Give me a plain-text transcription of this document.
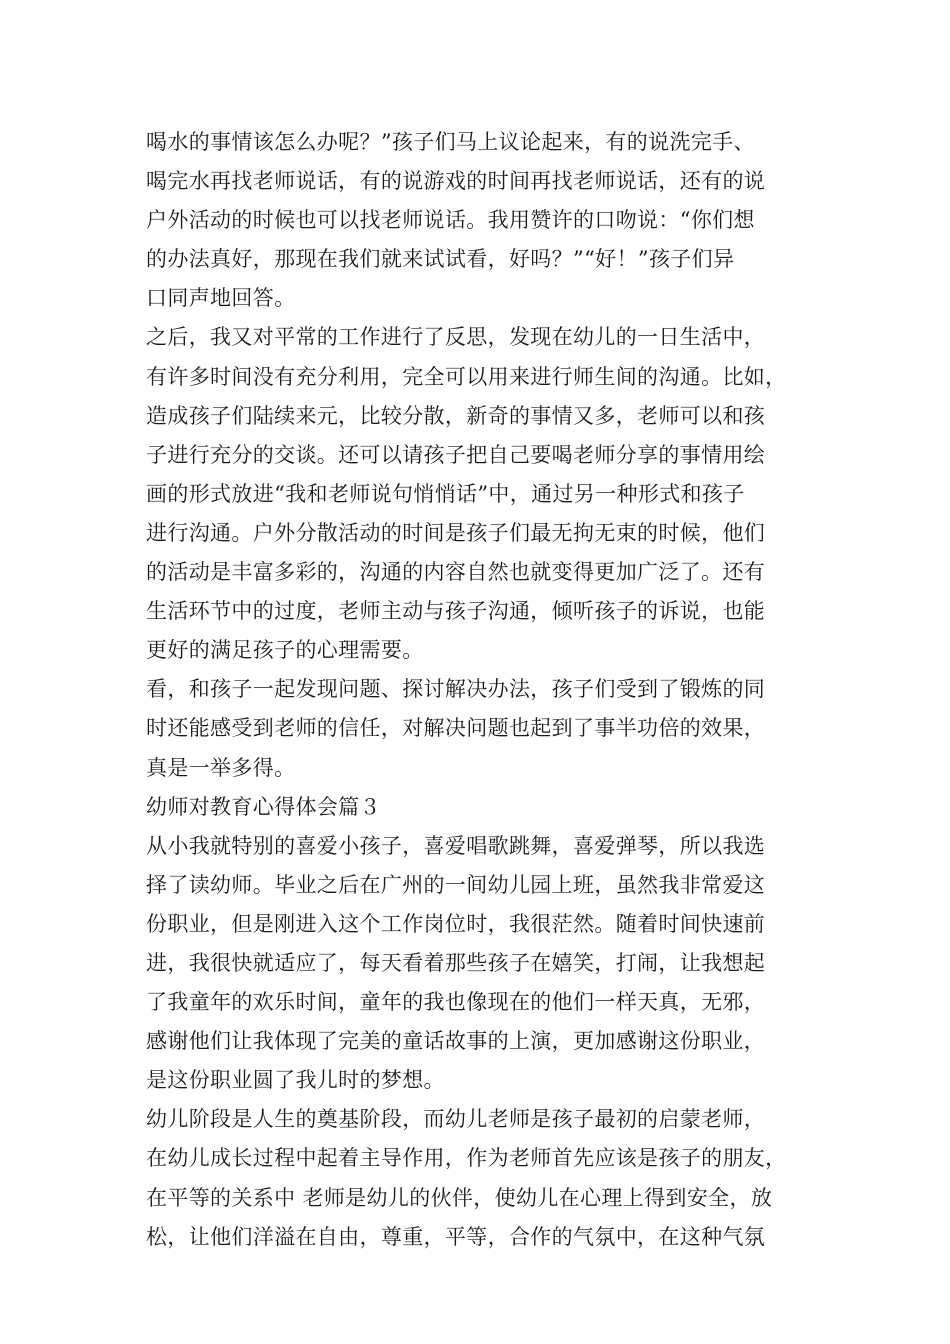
喝水的事情该怎么办呢？”孩子们马上议论起来，有的说洗完手、
喝完水再找老师说话，有的说游戏的时间再找老师说话，还有的说
户外活动的时候也可以找老师说话。我用赞许的口吻说：“你们想
的办法真好，那现在我们就来试试看，好吗？”“好！”孩子们异
口同声地回答。
之后，我又对平常的工作进行了反思，发现在幼儿的一日生活中，
有许多时间没有充分利用，完全可以用来进行师生间的沟通。比如，
造成孩子们陆续来元，比较分散，新奇的事情又多，老师可以和孩
子进行充分的交谈。还可以请孩子把自己要喝老师分享的事情用绘
画的形式放进“我和老师说句悄悄话”中，通过另一种形式和孩子
进行沟通。户外分散活动的时间是孩子们最无拘无束的时候，他们
的活动是丰富多彩的，沟通的内容自然也就变得更加广泛了。还有
生活环节中的过度，老师主动与孩子沟通，倾听孩子的诉说，也能
更好的满足孩子的心理需要。
看，和孩子一起发现问题、探讨解决办法，孩子们受到了锻炼的同
时还能感受到老师的信任，对解决问题也起到了事半功倍的效果，
真是一举多得。
幼师对教育心得体会篇３
从小我就特别的喜爱小孩子，喜爱唱歌跳舞，喜爱弹琴，所以我选
择了读幼师。毕业之后在广州的一间幼儿园上班，虽然我非常爱这
份职业，但是刚进入这个工作岗位时，我很茫然。随着时间快速前
进，我很快就适应了，每天看着那些孩子在嬉笑，打闹，让我想起
了我童年的欢乐时间，童年的我也像现在的他们一样天真，无邪，
感谢他们让我体现了完美的童话故事的上演，更加感谢这份职业，
是这份职业圆了我儿时的梦想。
幼儿阶段是人生的奠基阶段，而幼儿老师是孩子最初的启蒙老师，
在幼儿成长过程中起着主导作用，作为老师首先应该是孩子的朋友，
在平等的关系中 老师是幼儿的伙伴，使幼儿在心理上得到安全，放
松，让他们洋溢在自由，尊重，平等，合作的气氛中，在这种气氛
